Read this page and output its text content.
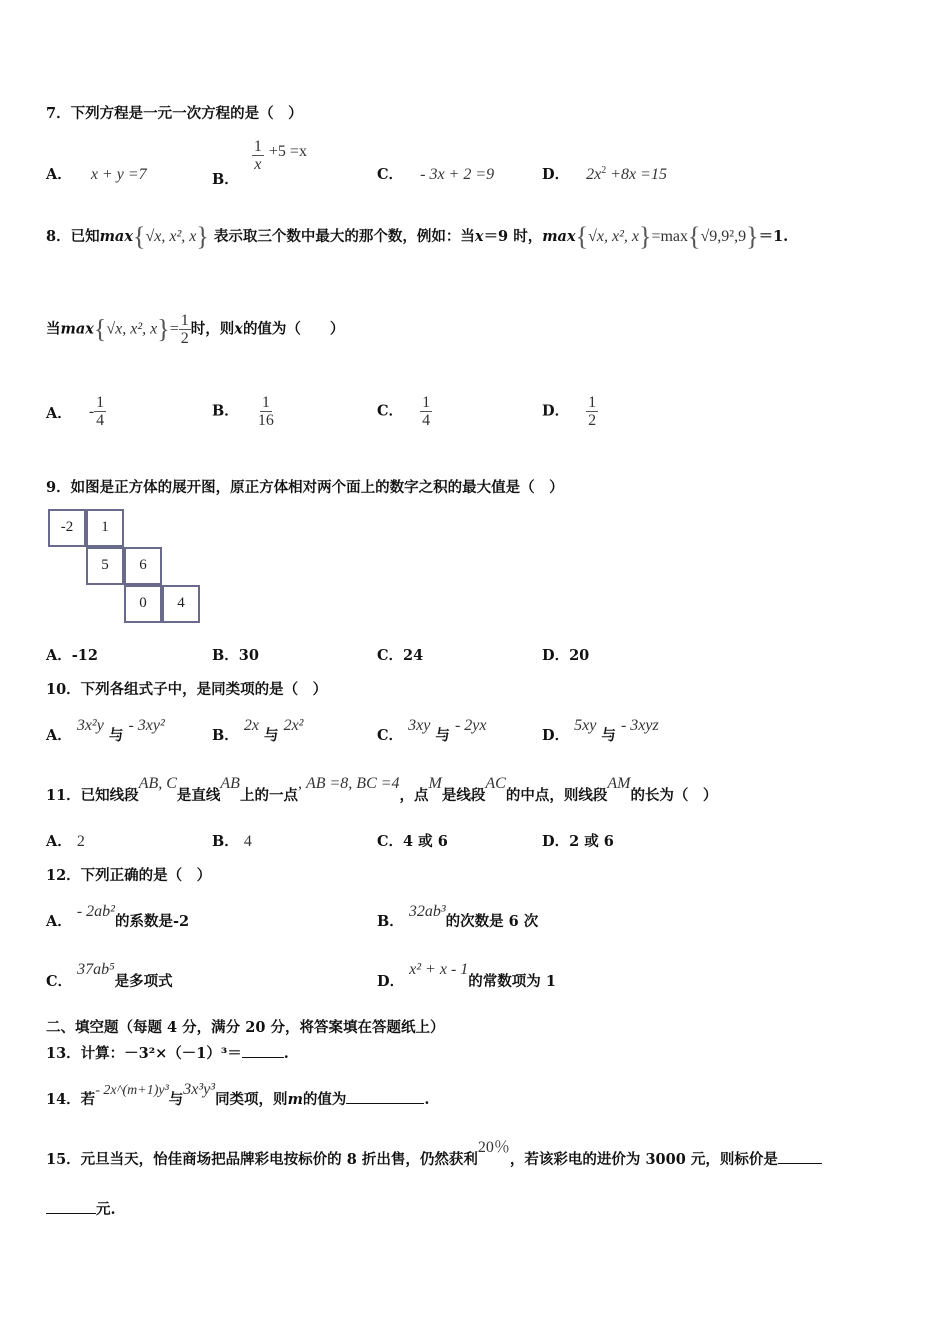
7．下列方程是一元一次方程的是（　）
A． x + y =7	B．
$\frac{1}{x} +5 =x$
C． - 3x + 2 =9	D． $2x^2 +8x =15$
8．已知max{√x, x², x} 表示取三个数中最大的那个数，例如：当x＝9 时，max{√x, x², x}=max{√9,9²,9}＝1.
当max{√x, x², $x\}= \frac{1}{2}$ 时，则x的值为（　　）
A． - $\frac{1}{4}$	B． $\frac{1}{16}$	C． $\frac{1}{4}$	D． $\frac{1}{2}$
9．如图是正方体的展开图，原正方体相对两个面上的数字之积的最大值是（　）
-2	1
5	6
0	4
A．-12	B．30	C．24	D．20
10．下列各组式子中，是同类项的是（　）
A． 3x²y 与 - 3xy²
B． 2x 与 2x²
C． 3xy 与 - 2yx
D． 5xy 与 - 3xyz
11．已知线段AB, C是直线AB上的一点, AB =8, BC =4，点M是线段AC的中点，则线段AM的长为（　）
A． 2	B． 4	C．4 或 6	D．2 或 6
12．下列正确的是（　）
A． - 2ab²的系数是-2	B． 32ab³的次数是 6 次
C． 37ab⁵是多项式	D． x² + x - 1的常数项为 1
二、填空题（每题 4 分，满分 20 分，将答案填在答题纸上）
13．计算：－3²×（－1）³＝	.
14．若- 2x^(m+1)y³与3x³y³同类项，则m的值为	.
15．元旦当天，怡佳商场把品牌彩电按标价的 8 折出售，仍然获利20％，若该彩电的进价为 3000 元，则标价是
元.
